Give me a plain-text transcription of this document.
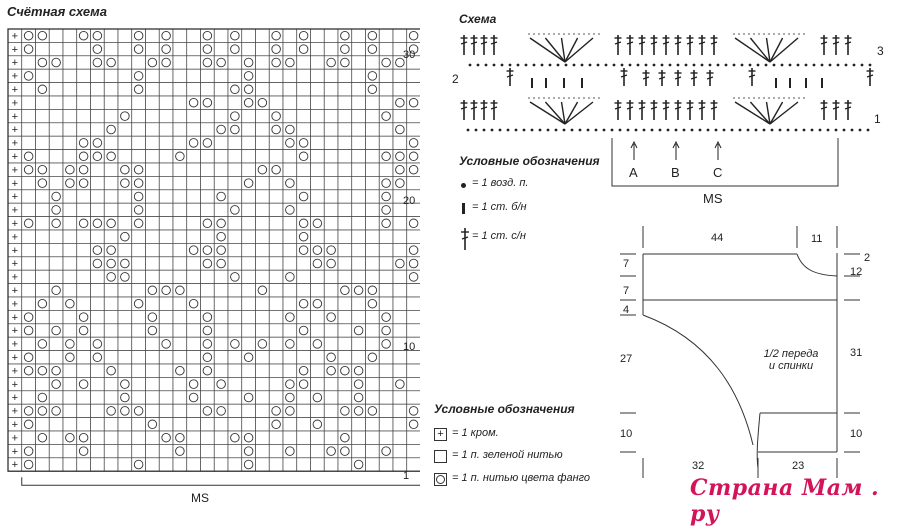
Счётная схема
+
+
+
+
+
+
+
+
+
+
+
+
+
+
+
+
+
+
+
+
+
+
+
+
+
+
+
+
+
+
+
+
+
30
20
10
1
MS
Условные обозначения
+ = 1 кром.
= 1 п. зеленой нитью
= 1 п. нитью цвета фанго
Схема
3
2
1
A	B	C
MS
Условные обозначения
= 1 возд. п.
= 1 ст. б/н
= 1 ст. с/н	44	11
7
7
4
27
10
2
12
31
10
32	23
1/2 переда
и спинки
Страна Мам . ру
